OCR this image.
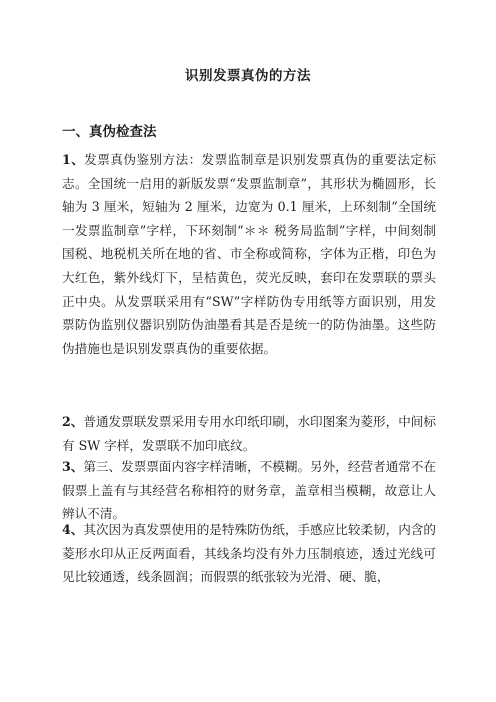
识别发票真伪的方法
一、真伪检查法

1、发票真伪鉴别方法：发票监制章是识别发票真伪的重要法定标志。全国统一启用的新版发票“发票监制章”，其形状为椭圆形，长轴为 3 厘米，短轴为 2 厘米，边宽为 0.1 厘米，上环刻制“全国统一发票监制章”字样，下环刻制“＊＊ 税务局监制”字样，中间刻制国税、地税机关所在地的省、市全称或简称，字体为正楷，印色为大红色，紫外线灯下，呈桔黄色，荧光反映，套印在发票联的票头正中央。从发票联采用有“SW”字样防伪专用纸等方面识别，用发票防伪监别仪器识别防伪油墨看其是否是统一的防伪油墨。这些防伪措施也是识别发票真伪的重要依据。

2、普通发票联发票采用专用水印纸印刷，水印图案为菱形，中间标有 SW 字样，发票联不加印底纹。

3、第三、发票票面内容字样清晰，不模糊。另外，经营者通常不在假票上盖有与其经营名称相符的财务章，盖章相当模糊，故意让人辨认不清。

4、其次因为真发票使用的是特殊防伪纸，手感应比较柔韧，内含的菱形水印从正反两面看，其线条均没有外力压制痕迹，透过光线可见比较通透，线条圆润；而假票的纸张较为光滑、硬、脆，
